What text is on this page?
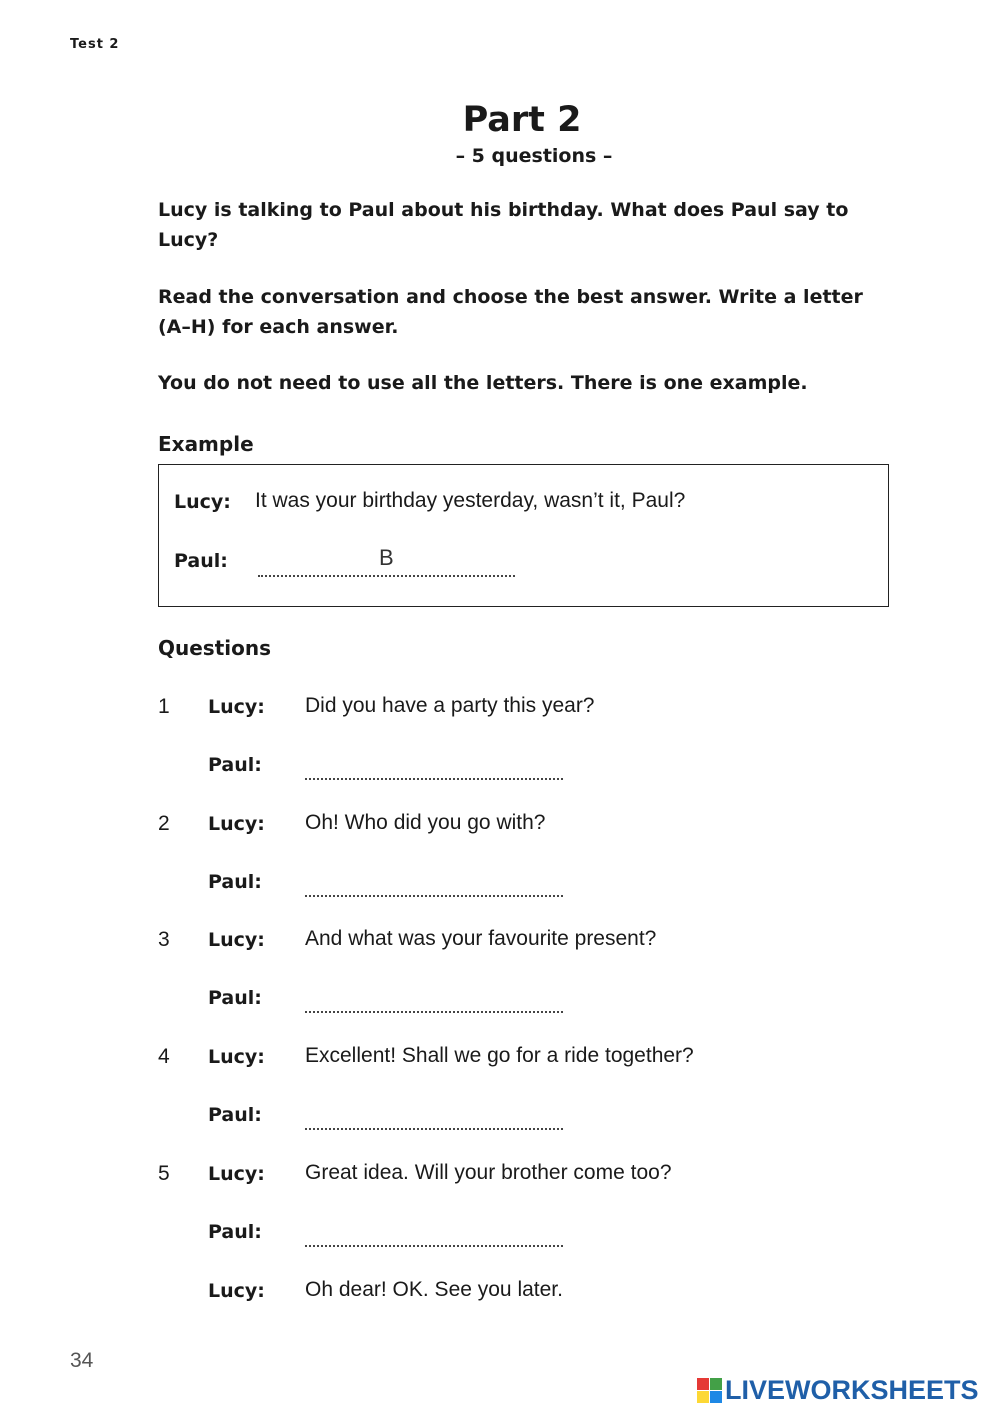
Test 2
Part 2
– 5 questions –
Lucy is talking to Paul about his birthday. What does Paul say to Lucy?
Read the conversation and choose the best answer. Write a letter (A–H) for each answer.
You do not need to use all the letters. There is one example.
Example
Lucy: It was your birthday yesterday, wasn’t it, Paul?
Paul:	B
Questions
1 Lucy: Did you have a party this year?
Paul:
2 Lucy: Oh! Who did you go with?
Paul:
3 Lucy: And what was your favourite present?
Paul:
4 Lucy: Excellent! Shall we go for a ride together?
Paul:
5 Lucy: Great idea. Will your brother come too?
Paul:
Lucy: Oh dear! OK. See you later.
34
LIVEWORKSHEETS
